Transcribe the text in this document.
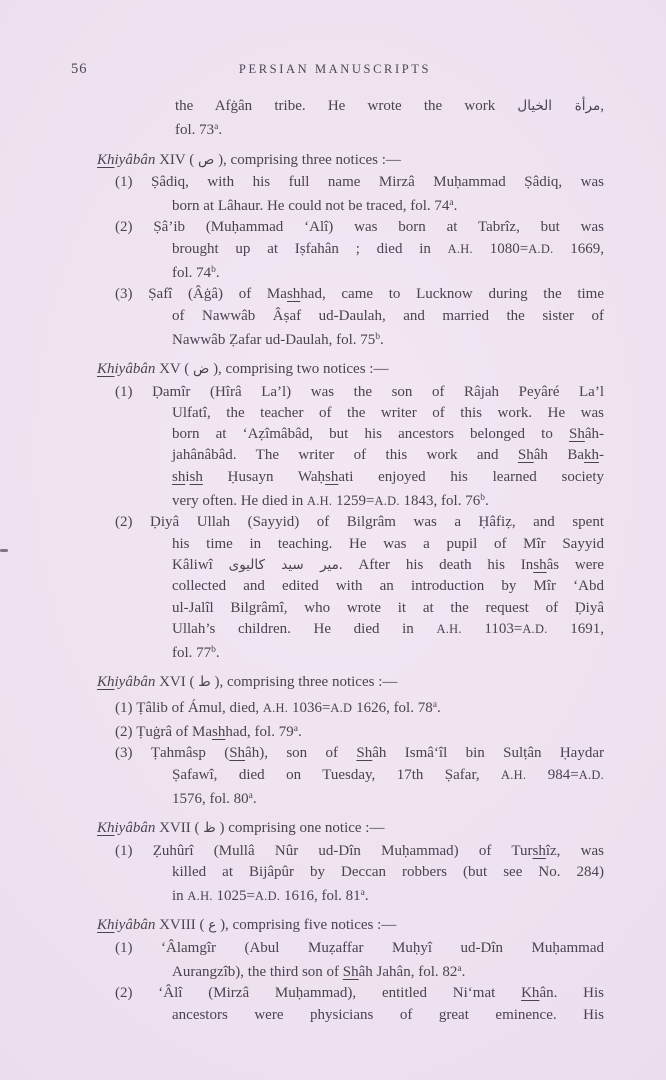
56	PERSIAN MANUSCRIPTS
the Afġân tribe. He wrote the work مرأة الخيال,
fol. 73$^a$.
Khiyâbân XIV ( ص ), comprising three notices :—
(1) Ṣâdiq, with his full name Mirzâ Muḥammad Ṣâdiq, was
born at Lâhaur. He could not be traced, fol. 74$^a$.
(2) Ṣâ’ib (Muḥammad ‘Alî) was born at Tabrîz, but was
brought up at Iṣfahân ; died in A.H. 1080=A.D. 1669,
fol. 74$^b$.
(3) Ṣafî (Âġâ) of Mashhad, came to Lucknow during the time
of Nawwâb Âṣaf ud-Daulah, and married the sister of
Nawwâb Ẓafar ud-Daulah, fol. 75$^b$.
Khiyâbân XV ( ض ), comprising two notices :—
(1) Ḍamîr (Hîrâ La’l) was the son of Râjah Peyâré La’l
Ulfatî, the teacher of the writer of this work. He was
born at ‘Aẓîmâbâd, but his ancestors belonged to Shâh-
jahânâbâd. The writer of this work and Shâh Bakh-
shish Ḥusayn Waḥshati enjoyed his learned society
very often. He died in A.H. 1259=A.D. 1843, fol. 76$^b$.
(2) Ḍiyâ Ullah (Sayyid) of Bilgrâm was a Ḥâfiẓ, and spent
his time in teaching. He was a pupil of Mîr Sayyid
Kâliwî مير سيد كاليوى. After his death his Inshâs were
collected and edited with an introduction by Mîr ‘Abd
ul-Jalîl Bilgrâmî, who wrote it at the request of Ḍiyâ
Ullah’s children. He died in A.H. 1103=A.D. 1691,
fol. 77$^b$.
Khiyâbân XVI ( ط ), comprising three notices :—
(1) Ṭâlib of Ámul, died, A.H. 1036=A.D 1626, fol. 78$^a$.
(2) Ṭuġrâ of Mashhad, fol. 79$^a$.
(3) Ṭahmâsp (Shâh), son of Shâh Ismâ‘îl bin Sulṭân Ḥaydar
Ṣafawî, died on Tuesday, 17th Ṣafar, A.H. 984=A.D.
1576, fol. 80$^a$.
Khiyâbân XVII ( ظ ) comprising one notice :—
(1) Ẓuhûrî (Mullâ Nûr ud-Dîn Muḥammad) of Turshîz, was
killed at Bijâpûr by Deccan robbers (but see No. 284)
in A.H. 1025=A.D. 1616, fol. 81$^a$.
Khiyâbân XVIII ( ع ), comprising five notices :—
(1) ‘Âlamgîr (Abul Muẓaffar Muḥyî ud-Dîn Muḥammad
Aurangzîb), the third son of Shâh Jahân, fol. 82$^a$.
(2) ‘Âlî (Mirzâ Muḥammad), entitled Ni‘mat Khân. His
ancestors were physicians of great eminence. His
